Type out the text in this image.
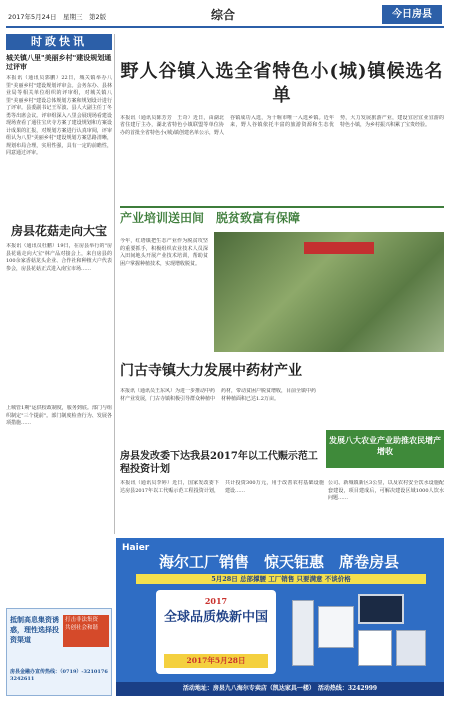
2017年5月24日　星期三　第2版	综合	今日房县
时政快讯
城关镇八里"美丽乡村"建设规划通过评审
本报讯（通讯员郭鹏）22日，城关镇举办八里"美丽乡村"建设规划评审会。会务东办、县林业局等相关单位组织的评审组，对城关镇八里"美丽乡村"建设总体规划方案和规划设计进行了评审。县委副书记王军波、县人大副主任丁冬勇等出席会议。评审组深入八里会展现场看建设现场查看了通往宝庆寺方案了建设规划和方案设计成果的汇报，对规划方案进行认真审阅，评审组认为八里"美丽乡村"建设规划方案思路清晰，规划布局合理，实用性强，具有一定的前瞻性，同意通过评审。
房县花菇走向大宝
本报讯（通讯员杜鹏）19日，在房县举行的"房县花菇走向大宝"林产品对接会上，来自房县的100余家香菇龙头企业、合作社和种植大户代表参会，房县花菇正式进入南宝市场……
上城管1期"运供校政制度，服务到底。部门与组织制定"三个提前"。部门制度检查行为、发展各项措施……
抵制高息集资诱惑，理性选择投资渠道
打击非法集资　共创社会和谐
房县金融办宣传热线：（0719）-3210176　3242611
野人谷镇入选全省特色小(城)镇候选名单
本报讯（通讯员陈芳芳　王奇）近日，由湖北省住建厅主办，湖北省特色小镇联盟等单位协办的首批全省特色小(城)镇创建名单公示，野人谷镇成功入选，为十堰市唯一入选乡镇。近年来，野人谷镇依托丰富的旅游资源和生态优势，大力发展旅游产业，建设宜居宜业宜游的特色小镇，为乡村振兴积累了宝贵经验。
产业培训送田间　脱贫致富有保障
今年，红塔镇把生态产业作为脱贫攻坚的重要抓手，积极组织农业技术人员深入田间地头开展产业技术培训，帮助贫困户掌握种植技术，实现增收脱贫。
门古寺镇大力发展中药材产业
本报讯（通讯员王东风）为进一步推动中药材产业发展，门古寺镇积极引导群众种植中药材，带动贫困户脱贫增收，目前全镇中药材种植面积已达1.2万亩。
发展八大农业产业助推农民增产增收
房县发改委下达我县2017年以工代赈示范工程投资计划
本报讯（通讯员李婷）近日，国家发改委下达房县2017年以工代赈示范工程投资计划，共计投资300万元，用于改善农村基础设施建设……
公司、新城镇新区3公里，以及农村安全饮水设施配套建设，项目建成后，可解决建设区域1000人饮水问题……
Haier
海尔工厂销售　惊天钜惠　席卷房县
5月28日 总部撑腰 工厂销售 只要满意 不谈价格
2017
全球品质焕新中国
2017年5月28日
活动地址：房县九八海尔专卖店（凯达家具一楼）　活动热线：3242999
